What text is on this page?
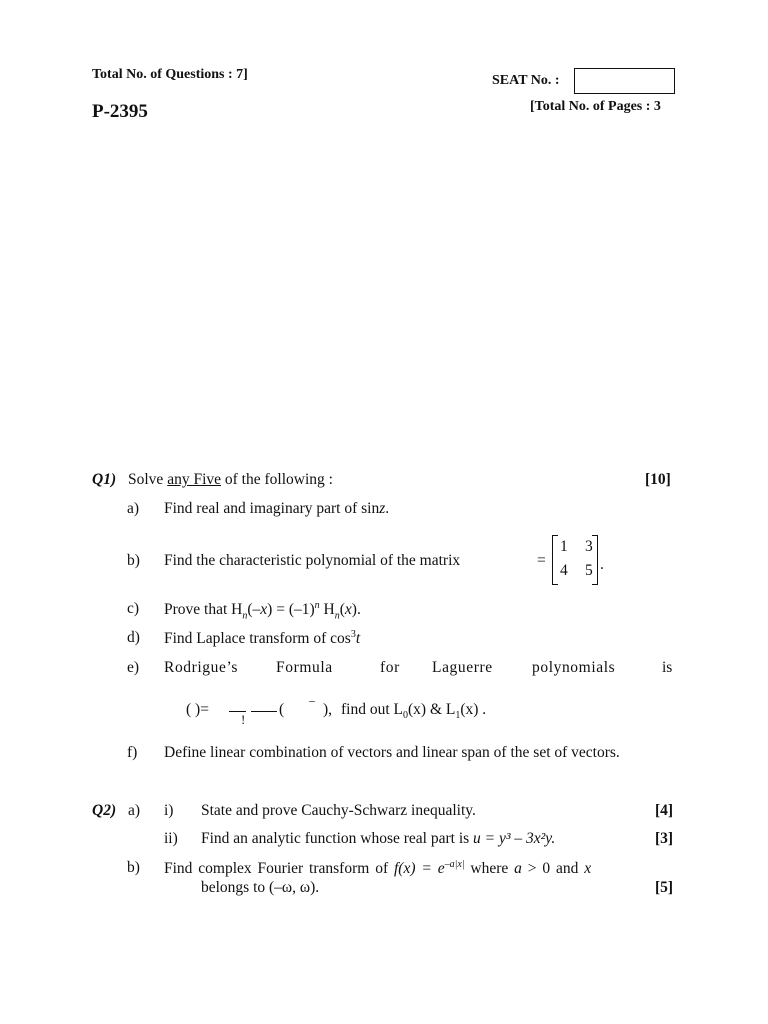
Total No. of Questions : 7]	SEAT No. :
P-2395	[Total No. of Pages : 3
Q1) Solve any Five of the following :	[10]
a) Find real and imaginary part of sinz.
b) Find the characteristic polynomial of the matrix	=
1 3
4 5 .
c) Prove that $H_n(-x) = (-1)^n$ $H_n(x)$.
d) Find Laplace transform of $\cos^3t$
e) Rodrigue’s Formula	for Laguerre	polynomials	is
( )=
!
(
–
), find out $L_0(x)$ & $L_1(x)$ .
f) Define linear combination of vectors and linear span of the set of vectors.
Q2) a) i) State and prove Cauchy-Schwarz inequality.	[4]
ii) Find an analytic function whose real part is u = y³ – 3x²y.	[3]
b) Find complex Fourier transform of $f(x) = e^{-a|x|}$ where a > 0 and x
belongs to (–ω, ω).	[5]
